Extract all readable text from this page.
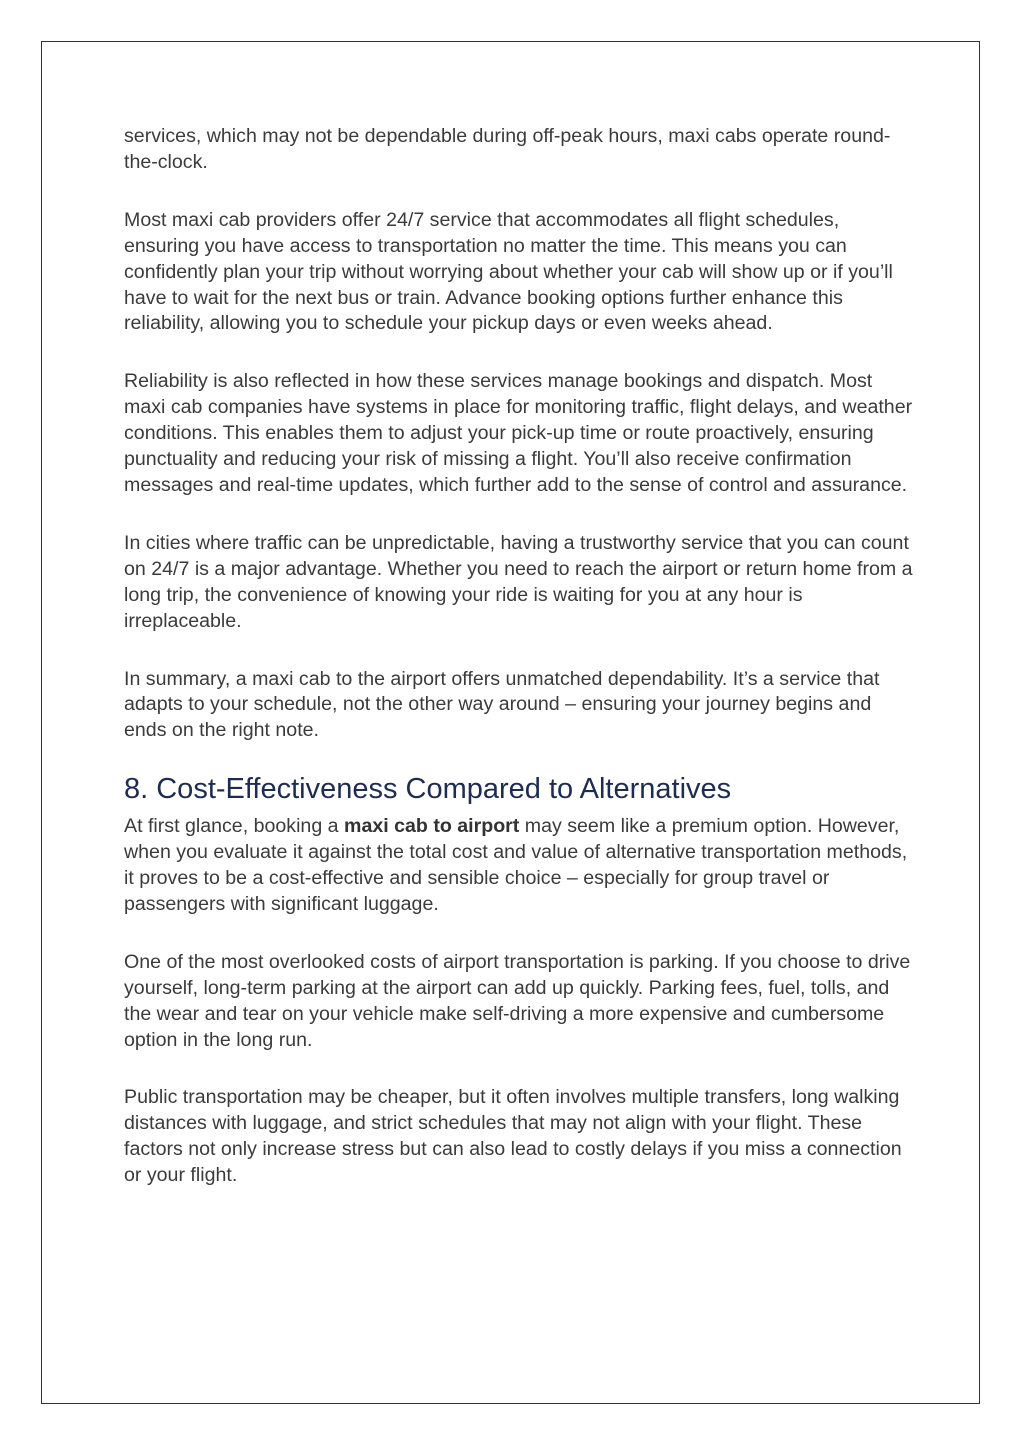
services, which may not be dependable during off-peak hours, maxi cabs operate round-the-clock.

Most maxi cab providers offer 24/7 service that accommodates all flight schedules, ensuring you have access to transportation no matter the time. This means you can confidently plan your trip without worrying about whether your cab will show up or if you’ll have to wait for the next bus or train. Advance booking options further enhance this reliability, allowing you to schedule your pickup days or even weeks ahead.

Reliability is also reflected in how these services manage bookings and dispatch. Most maxi cab companies have systems in place for monitoring traffic, flight delays, and weather conditions. This enables them to adjust your pick-up time or route proactively, ensuring punctuality and reducing your risk of missing a flight. You’ll also receive confirmation messages and real-time updates, which further add to the sense of control and assurance.

In cities where traffic can be unpredictable, having a trustworthy service that you can count on 24/7 is a major advantage. Whether you need to reach the airport or return home from a long trip, the convenience of knowing your ride is waiting for you at any hour is irreplaceable.

In summary, a maxi cab to the airport offers unmatched dependability. It’s a service that adapts to your schedule, not the other way around – ensuring your journey begins and ends on the right note.

8. Cost-Effectiveness Compared to Alternatives

At first glance, booking a maxi cab to airport may seem like a premium option. However, when you evaluate it against the total cost and value of alternative transportation methods, it proves to be a cost-effective and sensible choice – especially for group travel or passengers with significant luggage.

One of the most overlooked costs of airport transportation is parking. If you choose to drive yourself, long-term parking at the airport can add up quickly. Parking fees, fuel, tolls, and the wear and tear on your vehicle make self-driving a more expensive and cumbersome option in the long run.

Public transportation may be cheaper, but it often involves multiple transfers, long walking distances with luggage, and strict schedules that may not align with your flight. These factors not only increase stress but can also lead to costly delays if you miss a connection or your flight.
